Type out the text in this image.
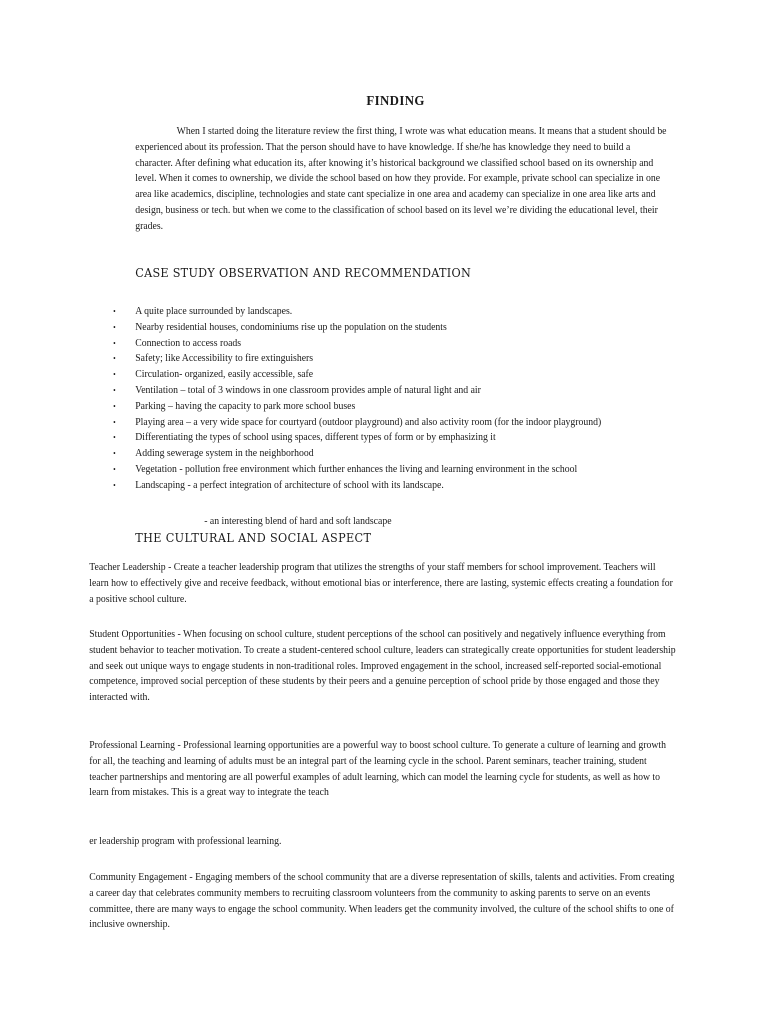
FINDING

When I started doing the literature review the first thing, I wrote was what education means. It means that a student should be experienced about its profession. That the person should have to have knowledge. If she/he has knowledge they need to build a character. After defining what education its, after knowing it’s historical background we classified school based on its ownership and level. When it comes to ownership, we divide the school based on how they provide. For example, private school can specialize in one area like academics, discipline, technologies and state cant specialize in one area and academy can specialize in one area like arts and design, business or tech. but when we come to the classification of school based on its level we’re dividing the educational level, their grades.

CASE STUDY OBSERVATION AND RECOMMENDATION
• A quite place surrounded by landscapes.
• Nearby residential houses, condominiums rise up the population on the students
• Connection to access roads
• Safety; like Accessibility to fire extinguishers
• Circulation- organized, easily accessible, safe
• Ventilation – total of 3 windows in one classroom provides ample of natural light and air
• Parking – having the capacity to park more school buses
• Playing area – a very wide space for courtyard (outdoor playground) and also activity room (for the indoor playground)
• Differentiating the types of school using spaces, different types of form or by emphasizing it
• Adding sewerage system in the neighborhood
• Vegetation - pollution free environment which further enhances the living and learning environment in the school
• Landscaping - a perfect integration of architecture of school with its landscape.

- an interesting blend of hard and soft landscape

THE CULTURAL AND SOCIAL ASPECT

Teacher Leadership - Create a teacher leadership program that utilizes the strengths of your staff members for school improvement. Teachers will learn how to effectively give and receive feedback, without emotional bias or interference, there are lasting, systemic effects creating a foundation for a positive school culture.

Student Opportunities - When focusing on school culture, student perceptions of the school can positively and negatively influence everything from student behavior to teacher motivation. To create a student-centered school culture, leaders can strategically create opportunities for student leadership and seek out unique ways to engage students in non-traditional roles. Improved engagement in the school, increased self-reported social-emotional competence, improved social perception of these students by their peers and a genuine perception of school pride by those engaged and those they interacted with.

Professional Learning - Professional learning opportunities are a powerful way to boost school culture. To generate a culture of learning and growth for all, the teaching and learning of adults must be an integral part of the learning cycle in the school. Parent seminars, teacher training, student teacher partnerships and mentoring are all powerful examples of adult learning, which can model the learning cycle for students, as well as how to learn from mistakes. This is a great way to integrate the teach

er leadership program with professional learning.

Community Engagement - Engaging members of the school community that are a diverse representation of skills, talents and activities. From creating a career day that celebrates community members to recruiting classroom volunteers from the community to asking parents to serve on an events committee, there are many ways to engage the school community. When leaders get the community involved, the culture of the school shifts to one of inclusive ownership.
